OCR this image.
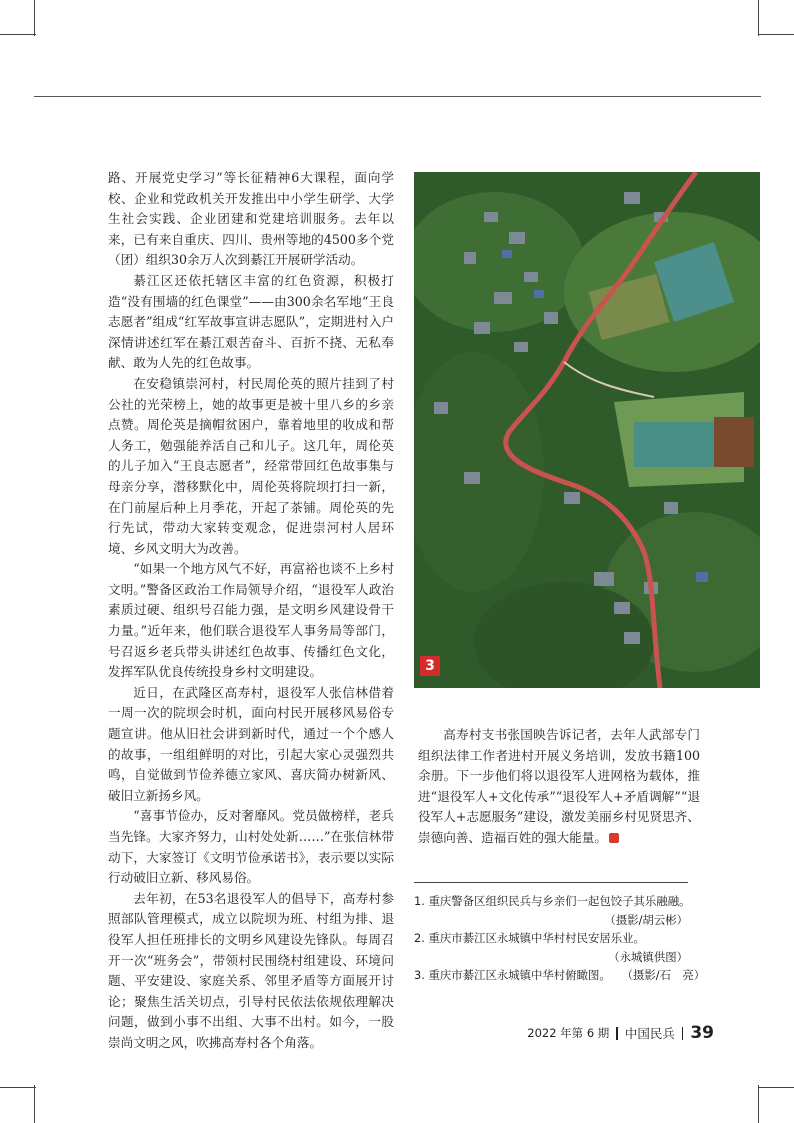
路、开展党史学习”等长征精神6大课程，面向学校、企业和党政机关开发推出中小学生研学、大学生社会实践、企业团建和党建培训服务。去年以来，已有来自重庆、四川、贵州等地的4500多个党（团）组织30余万人次到綦江开展研学活动。

綦江区还依托辖区丰富的红色资源，积极打造“没有围墙的红色课堂”——由300余名军地“王良志愿者”组成“红军故事宣讲志愿队”，定期进村入户深情讲述红军在綦江艰苦奋斗、百折不挠、无私奉献、敢为人先的红色故事。

在安稳镇崇河村，村民周伦英的照片挂到了村公社的光荣榜上，她的故事更是被十里八乡的乡亲点赞。周伦英是摘帽贫困户，靠着地里的收成和帮人务工，勉强能养活自己和儿子。这几年，周伦英的儿子加入“王良志愿者”，经常带回红色故事集与母亲分享，潜移默化中，周伦英将院坝打扫一新，在门前屋后种上月季花，开起了茶铺。周伦英的先行先试，带动大家转变观念，促进崇河村人居环境、乡风文明大为改善。

“如果一个地方风气不好，再富裕也谈不上乡村文明。”警备区政治工作局领导介绍，“退役军人政治素质过硬、组织号召能力强，是文明乡风建设骨干力量。”近年来，他们联合退役军人事务局等部门，号召返乡老兵带头讲述红色故事、传播红色文化，发挥军队优良传统投身乡村文明建设。

近日，在武隆区高寿村，退役军人张信林借着一周一次的院坝会时机，面向村民开展移风易俗专题宣讲。他从旧社会讲到新时代，通过一个个感人的故事，一组组鲜明的对比，引起大家心灵强烈共鸣，自觉做到节俭养德立家风、喜庆简办树新风、破旧立新扬乡风。

“喜事节俭办，反对奢靡风。党员做榜样，老兵当先锋。大家齐努力，山村处处新……”在张信林带动下，大家签订《文明节俭承诺书》，表示要以实际行动破旧立新、移风易俗。

去年初，在53名退役军人的倡导下，高寿村参照部队管理模式，成立以院坝为班、村组为排、退役军人担任班排长的文明乡风建设先锋队。每周召开一次“班务会”，带领村民围绕村组建设、环境问题、平安建设、家庭关系、邻里矛盾等方面展开讨论；聚焦生活关切点，引导村民依法依规依理解决问题，做到小事不出组、大事不出村。如今，一股崇尚文明之风，吹拂高寿村各个角落。

3

高寿村支书张国映告诉记者，去年人武部专门组织法律工作者进村开展义务培训，发放书籍100余册。下一步他们将以退役军人进网格为载体，推进“退役军人+文化传承”“退役军人+矛盾调解”“退役军人+志愿服务”建设，激发美丽乡村见贤思齐、崇德向善、造福百姓的强大能量。

1. 重庆警备区组织民兵与乡亲们一起包饺子其乐融融。
（摄影/胡云彬）
2. 重庆市綦江区永城镇中华村村民安居乐业。
（永城镇供图）
3. 重庆市綦江区永城镇中华村俯瞰图。 （摄影/石　亮）
2022 年第 6 期 中国民兵 39
